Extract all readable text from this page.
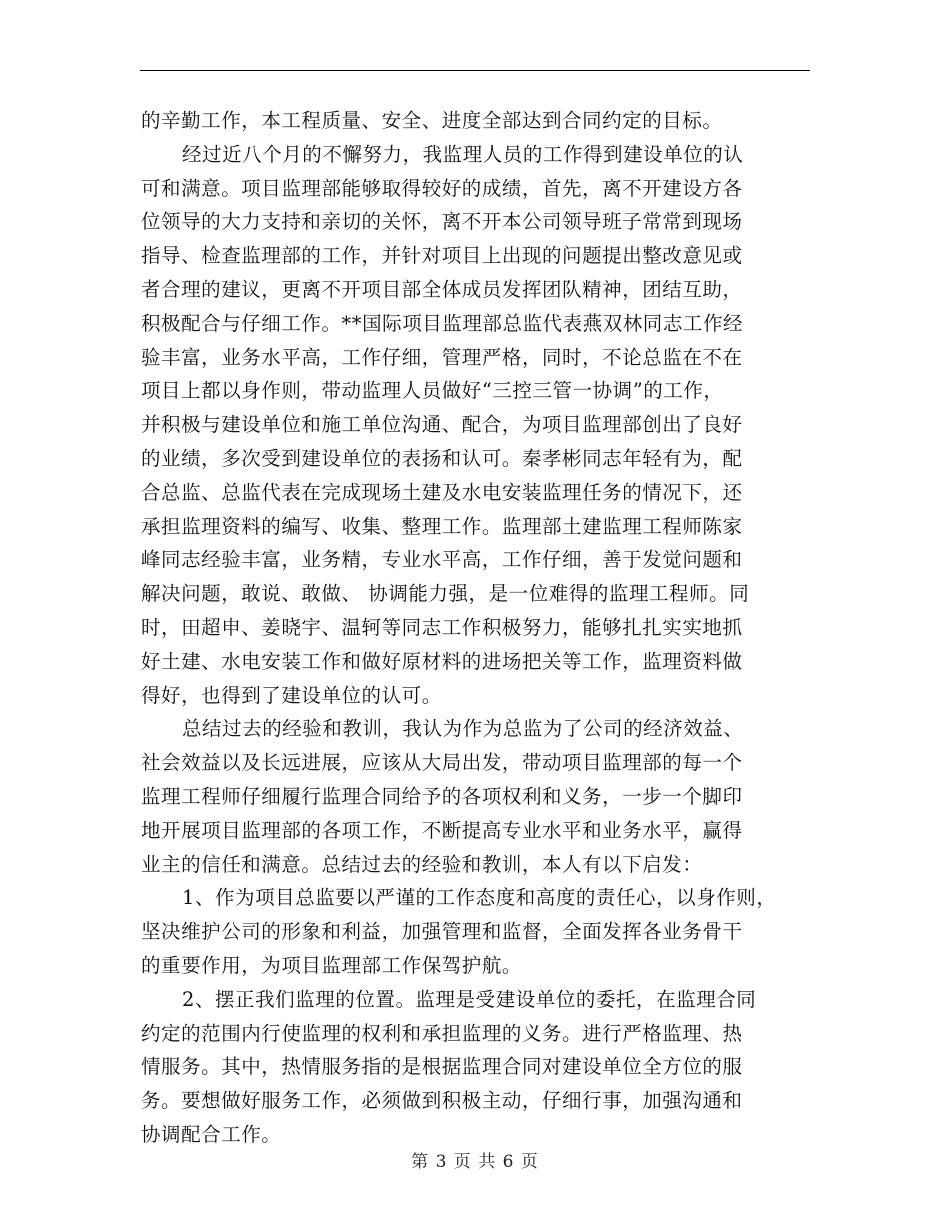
的辛勤工作，本工程质量、安全、进度全部达到合同约定的目标。
经过近八个月的不懈努力，我监理人员的工作得到建设单位的认
可和满意。项目监理部能够取得较好的成绩，首先，离不开建设方各
位领导的大力支持和亲切的关怀，离不开本公司领导班子常常到现场
指导、检查监理部的工作，并针对项目上出现的问题提出整改意见或
者合理的建议，更离不开项目部全体成员发挥团队精神，团结互助，
积极配合与仔细工作。**国际项目监理部总监代表燕双林同志工作经
验丰富，业务水平高，工作仔细，管理严格，同时，不论总监在不在
项目上都以身作则，带动监理人员做好“三控三管一协调”的工作，
并积极与建设单位和施工单位沟通、配合，为项目监理部创出了良好
的业绩，多次受到建设单位的表扬和认可。秦孝彬同志年轻有为，配
合总监、总监代表在完成现场土建及水电安装监理任务的情况下，还
承担监理资料的编写、收集、整理工作。监理部土建监理工程师陈家
峰同志经验丰富，业务精，专业水平高，工作仔细，善于发觉问题和
解决问题，敢说、敢做、 协调能力强，是一位难得的监理工程师。同
时，田超申、姜晓宇、温轲等同志工作积极努力，能够扎扎实实地抓
好土建、水电安装工作和做好原材料的进场把关等工作，监理资料做
得好，也得到了建设单位的认可。
总结过去的经验和教训，我认为作为总监为了公司的经济效益、
社会效益以及长远进展，应该从大局出发，带动项目监理部的每一个
监理工程师仔细履行监理合同给予的各项权利和义务，一步一个脚印
地开展项目监理部的各项工作，不断提高专业水平和业务水平，赢得
业主的信任和满意。总结过去的经验和教训，本人有以下启发：
1、作为项目总监要以严谨的工作态度和高度的责任心，以身作则，
坚决维护公司的形象和利益，加强管理和监督，全面发挥各业务骨干
的重要作用，为项目监理部工作保驾护航。
2、摆正我们监理的位置。监理是受建设单位的委托，在监理合同
约定的范围内行使监理的权利和承担监理的义务。进行严格监理、热
情服务。其中，热情服务指的是根据监理合同对建设单位全方位的服
务。要想做好服务工作，必须做到积极主动，仔细行事，加强沟通和
协调配合工作。
第 3 页 共 6 页
